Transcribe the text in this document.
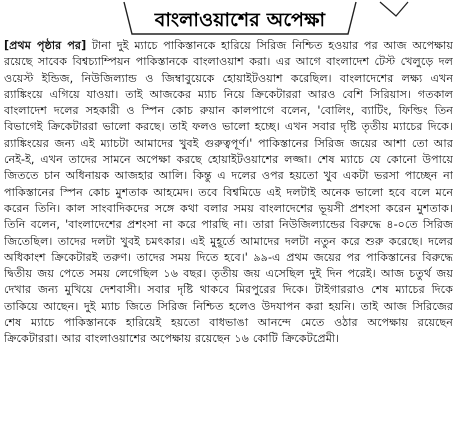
বাংলাওয়াশের অপেক্ষা
[প্রথম পৃষ্ঠার পর] টানা দুই ম্যাচে পাকিস্তানকে হারিয়ে সিরিজ নিশ্চিত হওয়ার পর আজ অপেক্ষায় রয়েছে সাবেক বিশ্বচ্যাম্পিয়ন পাকিস্তানকে বাংলাওয়াশ করা। এর আগে বাংলাদেশ টেস্ট খেলুড়ে দল ওয়েস্ট ইন্ডিজ, নিউজিল্যান্ড ও জিম্বাবুয়েকে হোয়াইটওয়াশ করেছিল। বাংলাদেশের লক্ষ্য এখন র‌্যাঙ্কিংয়ে এগিয়ে যাওয়া। তাই আজকের ম্যাচ নিয়ে ক্রিকেটাররা আরও বেশি সিরিয়াস। গতকাল বাংলাদেশ দলের সহকারী ও স্পিন কোচ রুয়ান কালপাগে বলেন, 'বোলিং, ব্যাটিং, ফিল্ডিং তিন বিভাগেই ক্রিকেটাররা ভালো করছে। তাই ফলও ভালো হচ্ছে। এখন সবার দৃষ্টি তৃতীয় ম্যাচের দিকে। র‌্যাঙ্কিংয়ের জন্য এই ম্যাচটা আমাদের খুবই গুরুত্বপূর্ণ।' পাকিস্তানের সিরিজ জয়ের আশা তো আর নেই-ই, এখন তাদের সামনে অপেক্ষা করছে হোয়াইটওয়াশের লজ্জা। শেষ ম্যাচে যে কোনো উপায়ে জিততে চান অধিনায়ক আজহার আলি। কিন্তু এ দলের ওপর হয়তো খুব একটা ভরসা পাচ্ছেন না পাকিস্তানের স্পিন কোচ মুশতাক আহমেদ। তবে বিশ্বমিডে এই দলটাই অনেক ভালো হবে বলে মনে করেন তিনি। কাল সাংবাদিকদের সঙ্গে কথা বলার সময় বাংলাদেশের ভূয়সী প্রশংসা করেন মুশতাক। তিনি বলেন, 'বাংলাদেশের প্রশংসা না করে পারছি না। তারা নিউজিল্যান্ডের বিরুদ্ধে ৪-০তে সিরিজ জিতেছিল। তাদের দলটা খুবই চমৎকার। এই মুহূর্তে আমাদের দলটা নতুন করে শুরু করেছে। দলের অধিকাংশ ক্রিকেটারই তরুণ। তাদের সময় দিতে হবে।' ৯৯-এ প্রথম জয়ের পর পাকিস্তানের বিরুদ্ধে দ্বিতীয় জয় পেতে সময় লেগেছিল ১৬ বছর। তৃতীয় জয় এসেছিল দুই দিন পরেই। আজ চতুর্থ জয় দেখার জন্য মুখিয়ে দেশবাসী। সবার দৃষ্টি থাকবে মিরপুরের দিকে। টাইগাররাও শেষ ম্যাচের দিকে তাকিয়ে আছেন। দুই ম্যাচ জিতে সিরিজ নিশ্চিত হলেও উদযাপন করা হয়নি। তাই আজ সিরিজের শেষ ম্যাচে পাকিস্তানকে হারিয়েই হয়তো বাধভাঙা আনন্দে মেতে ওঠার অপেক্ষায় রয়েছেন ক্রিকেটাররা। আর বাংলাওয়াশের অপেক্ষায় রয়েছেন ১৬ কোটি ক্রিকেটপ্রেমী।
